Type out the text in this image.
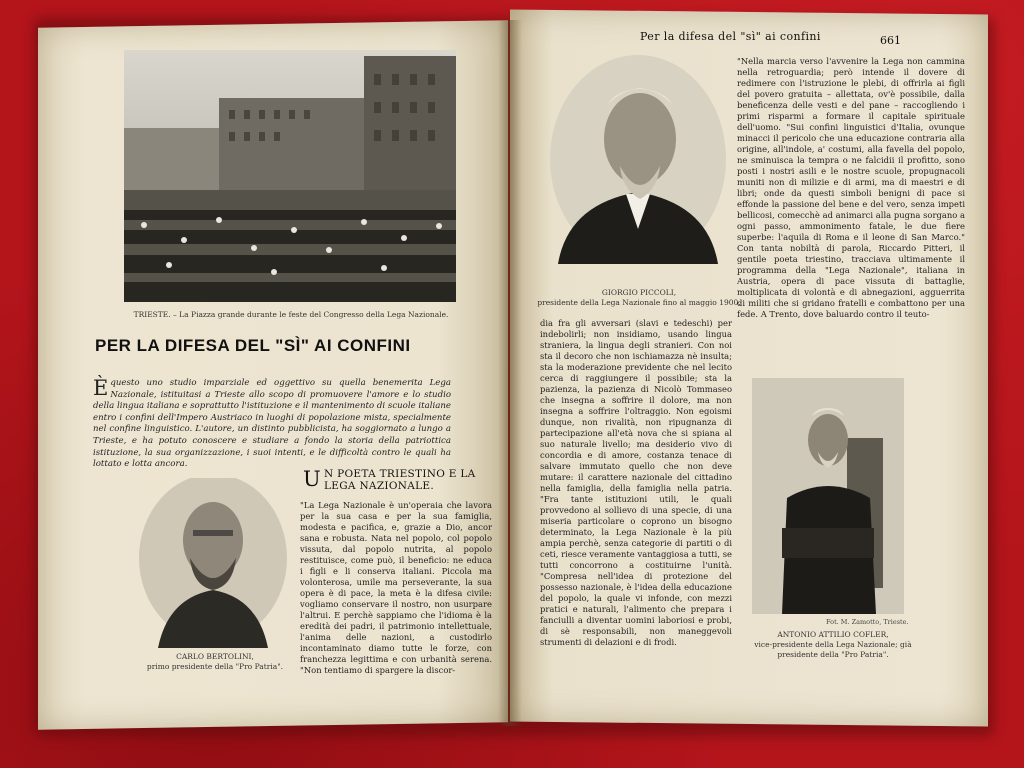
TRIESTE. – La Piazza grande durante le feste del Congresso della Lega Nazionale.
PER LA DIFESA DEL "SÌ" AI CONFINI
È questo uno studio imparziale ed oggettivo su quella benemerita Lega Nazionale, istituitasi a Trieste allo scopo di promuovere l'amore e lo studio della lingua italiana e soprattutto l'istituzione e il mantenimento di scuole italiane entro i confini dell'Impero Austriaco in luoghi di popolazione mista, specialmente nel confine linguistico. L'autore, un distinto pubblicista, ha soggiornato a lungo a Trieste, e ha potuto conoscere e studiare a fondo la storia della patriottica istituzione, la sua organizzazione, i suoi intenti, e le difficoltà contro le quali ha lottato e lotta ancora.
CARLO BERTOLINI,
primo presidente della "Pro Patria".
U N POETA TRIESTINO E LA LEGA NAZIONALE.

"La Lega Nazionale è un'operaia che lavora per la sua casa e per la sua famiglia, modesta e pacifica, e, grazie a Dio, ancor sana e robusta. Nata nel popolo, col popolo vissuta, dal popolo nutrita, al popolo restituisce, come può, il beneficio: ne educa i figli e li conserva italiani. Piccola ma volonterosa, umile ma perseverante, la sua opera è di pace, la meta è la difesa civile: vogliamo conservare il nostro, non usurpare l'altrui. E perchè sappiamo che l'idioma è la eredità dei padri, il patrimonio intellettuale, l'anima delle nazioni, a custodirlo incontaminato diamo tutte le forze, con franchezza legittima e con urbanità serena. "Non tentiamo di spargere la discor-

Per la difesa del "sì" ai confini	661
GIORGIO PICCOLI,
presidente della Lega Nazionale fino al maggio 1900.

dia fra gli avversari (slavi e tedeschi) per indebolirli; non insidiamo, usando lingua straniera, la lingua degli stranieri. Con noi sta il decoro che non ischiamazza nè insulta; sta la moderazione previdente che nel lecito cerca di raggiungere il possibile; sta la pazienza, la pazienza di Nicolò Tommaseo che insegna a soffrire il dolore, ma non insegna a soffrire l'oltraggio. Non egoismi dunque, non rivalità, non ripugnanza di partecipazione all'età nova che si spiana al suo naturale livello; ma desiderio vivo di concordia e di amore, costanza tenace di salvare immutato quello che non deve mutare: il carattere nazionale del cittadino nella famiglia, della famiglia nella patria. "Fra tante istituzioni utili, le quali provvedono al sollievo di una specie, di una miseria particolare o coprono un bisogno determinato, la Lega Nazionale è la più ampia perchè, senza categorie di partiti o di ceti, riesce veramente vantaggiosa a tutti, se tutti concorrono a costituirne l'unità. "Compresa nell'idea di protezione del possesso nazionale, è l'idea della educazione del popolo, la quale vi infonde, con mezzi pratici e naturali, l'alimento che prepara i fanciulli a diventar uomini laboriosi e probi, di sè responsabili, non maneggevoli strumenti di delazioni e di frodi.

"Nella marcia verso l'avvenire la Lega non cammina nella retroguardia; però intende il dovere di redimere con l'istruzione le plebi, di offrirla ai figli del povero gratuita – allettata, ov'è possibile, dalla beneficenza delle vesti e del pane – raccogliendo i primi risparmi a formare il capitale spirituale dell'uomo. "Sui confini linguistici d'Italia, ovunque minacci il pericolo che una educazione contraria alla origine, all'indole, a' costumi, alla favella del popolo, ne sminuisca la tempra o ne falcidii il profitto, sono posti i nostri asili e le nostre scuole, propugnacoli muniti non di milizie e di armi, ma di maestri e di libri; onde da questi simboli benigni di pace si effonde la passione del bene e del vero, senza impeti bellicosi, comecchè ad animarci alla pugna sorgano a ogni passo, ammonimento fatale, le due fiere superbe: l'aquila di Roma e il leone di San Marco." Con tanta nobiltà di parola, Riccardo Pitteri, il gentile poeta triestino, tracciava ultimamente il programma della "Lega Nazionale", italiana in Austria, opera di pace vissuta di battaglie, moltiplicata di volontà e di abnegazioni, agguerrita di militi che si gridano fratelli e combattono per una fede. A Trento, dove baluardo contro il teuto-

Fot. M. Zamotto, Trieste.
ANTONIO ATTILIO COFLER,
vice-presidente della Lega Nazionale; già presidente della "Pro Patria".
